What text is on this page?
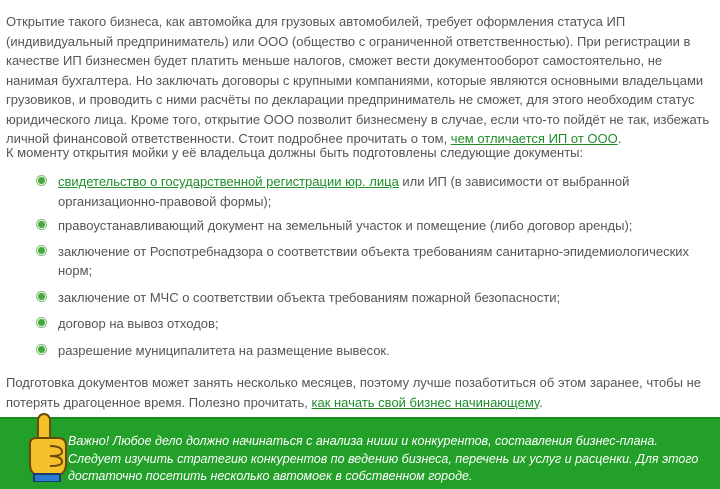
Открытие такого бизнеса, как автомойка для грузовых автомобилей, требует оформления статуса ИП (индивидуальный предприниматель) или ООО (общество с ограниченной ответственностью). При регистрации в качестве ИП бизнесмен будет платить меньше налогов, сможет вести документооборот самостоятельно, не нанимая бухгалтера. Но заключать договоры с крупными компаниями, которые являются основными владельцами грузовиков, и проводить с ними расчёты по декларации предприниматель не сможет, для этого необходим статус юридического лица. Кроме того, открытие ООО позволит бизнесмену в случае, если что-то пойдёт не так, избежать личной финансовой ответственности. Стоит подробнее прочитать о том, чем отличается ИП от ООО.

К моменту открытия мойки у её владельца должны быть подготовлены следующие документы:

свидетельство о государственной регистрации юр. лица или ИП (в зависимости от выбранной организационно-правовой формы);
правоустанавливающий документ на земельный участок и помещение (либо договор аренды);
заключение от Роспотребнадзора о соответствии объекта требованиям санитарно-эпидемиологических норм;
заключение от МЧС о соответствии объекта требованиям пожарной безопасности;
договор на вывоз отходов;
разрешение муниципалитета на размещение вывесок.

Подготовка документов может занять несколько месяцев, поэтому лучше позаботиться об этом заранее, чтобы не потерять драгоценное время. Полезно прочитать, как начать свой бизнес начинающему.

Важно! Любое дело должно начинаться с анализа ниши и конкурентов, составления бизнес-плана. Следует изучить стратегию конкурентов по ведению бизнеса, перечень их услуг и расценки. Для этого достаточно посетить несколько автомоек в собственном городе.
